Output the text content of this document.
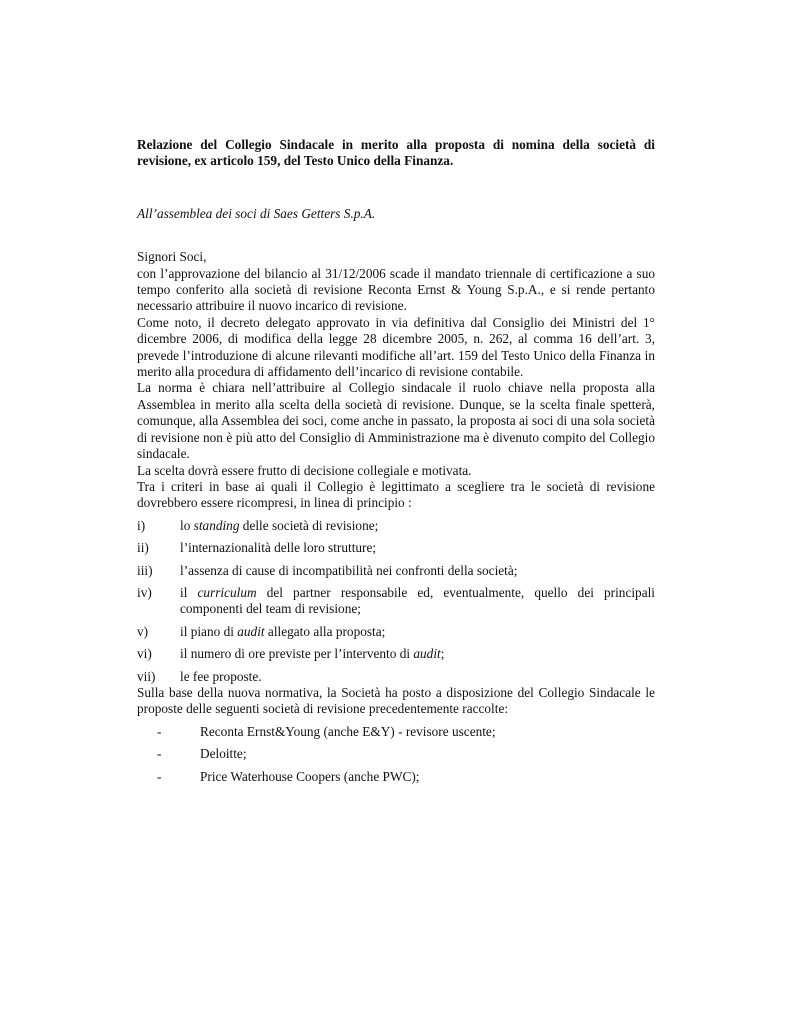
Relazione del Collegio Sindacale in merito alla proposta di nomina della società di revisione, ex articolo 159, del Testo Unico della Finanza.

All’assemblea dei soci di Saes Getters S.p.A.

Signori Soci,

con l’approvazione del bilancio al 31/12/2006 scade il mandato triennale di certificazione a suo tempo conferito alla società di revisione Reconta Ernst & Young S.p.A., e si rende pertanto necessario attribuire il nuovo incarico di revisione.

Come noto, il decreto delegato approvato in via definitiva dal Consiglio dei Ministri del 1° dicembre 2006, di modifica della legge 28 dicembre 2005, n. 262, al comma 16 dell’art. 3, prevede l’introduzione di alcune rilevanti modifiche all’art. 159 del Testo Unico della Finanza in merito alla procedura di affidamento dell’incarico di revisione contabile.

La norma è chiara nell’attribuire al Collegio sindacale il ruolo chiave nella proposta alla Assemblea in merito alla scelta della società di revisione. Dunque, se la scelta finale spetterà, comunque, alla Assemblea dei soci, come anche in passato, la proposta ai soci di una sola società di revisione non è più atto del Consiglio di Amministrazione ma è divenuto compito del Collegio sindacale.

La scelta dovrà essere frutto di decisione collegiale e motivata.

Tra i criteri in base ai quali il Collegio è legittimato a scegliere tra le società di revisione dovrebbero essere ricompresi, in linea di principio :

i)	lo standing delle società di revisione;
ii)	l’internazionalità delle loro strutture;
iii)	l’assenza di cause di incompatibilità nei confronti della società;
iv)	il curriculum del partner responsabile ed, eventualmente, quello dei principali componenti del team di revisione;
v)	il piano di audit allegato alla proposta;
vi)	il numero di ore previste per l’intervento di audit;
vii)	le fee proposte.

Sulla base della nuova normativa, la Società ha posto a disposizione del Collegio Sindacale le proposte delle seguenti società di revisione precedentemente raccolte:

-	Reconta Ernst&Young (anche E&Y) - revisore uscente;
-	Deloitte;
-	Price Waterhouse Coopers (anche PWC);
